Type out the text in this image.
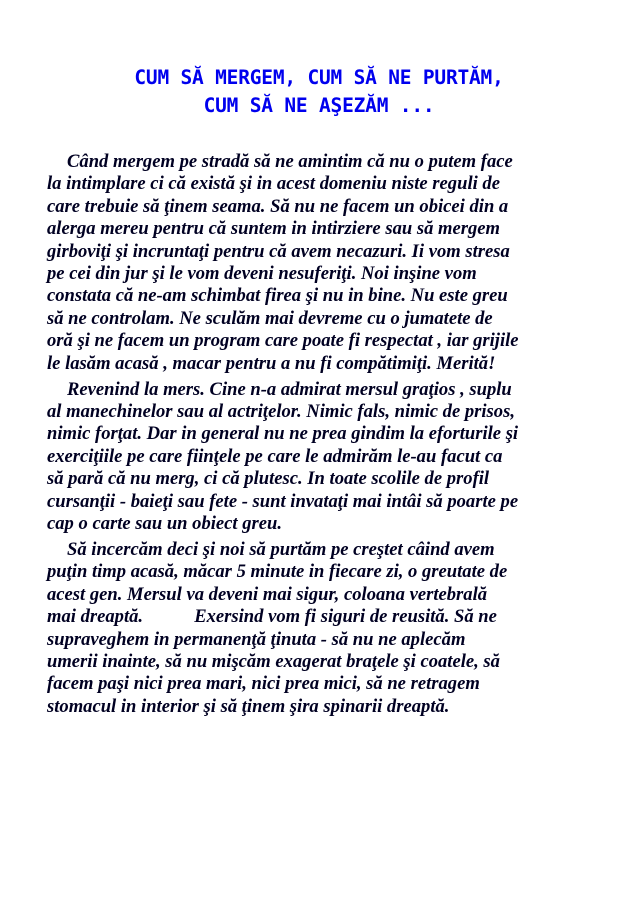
CUM SĂ MERGEM, CUM SĂ NE PURTĂM,
CUM SĂ NE AŞEZĂM ...

Când mergem pe stradă să ne amintim că nu o putem face
la intimplare ci că există şi in acest domeniu niste reguli de
care trebuie să ţinem seama. Să nu ne facem un obicei din a
alerga mereu pentru că suntem in intirziere sau să mergem
girboviţi şi incruntaţi pentru că avem necazuri. Ii vom stresa
pe cei din jur şi le vom deveni nesuferiţi. Noi inşine vom
constata că ne-am schimbat firea şi nu in bine. Nu este greu
să ne controlam. Ne sculăm mai devreme cu o jumatete de
oră şi ne facem un program care poate fi respectat , iar grijile
le lasăm acasă , macar pentru a nu fi compătimiţi. Merită!

Revenind la mers. Cine n-a admirat mersul graţios , suplu
al manechinelor sau al actriţelor. Nimic fals, nimic de prisos,
nimic forţat. Dar in general nu ne prea gindim la eforturile şi
exerciţiile pe care fiinţele pe care le admirăm le-au facut ca
să pară că nu merg, ci că plutesc. In toate scolile de profil
cursanţii - baieţi sau fete - sunt invataţi mai intâi să poarte pe
cap o carte sau un obiect greu.

Să incercăm deci şi noi să purtăm pe creştet câind avem
puţin timp acasă, măcar 5 minute in fiecare zi, o greutate de
acest gen. Mersul va deveni mai sigur, coloana vertebrală
mai dreaptă.           Exersind vom fi siguri de reusită. Să ne
supraveghem in permanenţă ţinuta - să nu ne aplecăm
umerii inainte, să nu mişcăm exagerat braţele şi coatele, să
facem paşi nici prea mari, nici prea mici, să ne retragem
stomacul in interior şi să ţinem şira spinarii dreaptă.
